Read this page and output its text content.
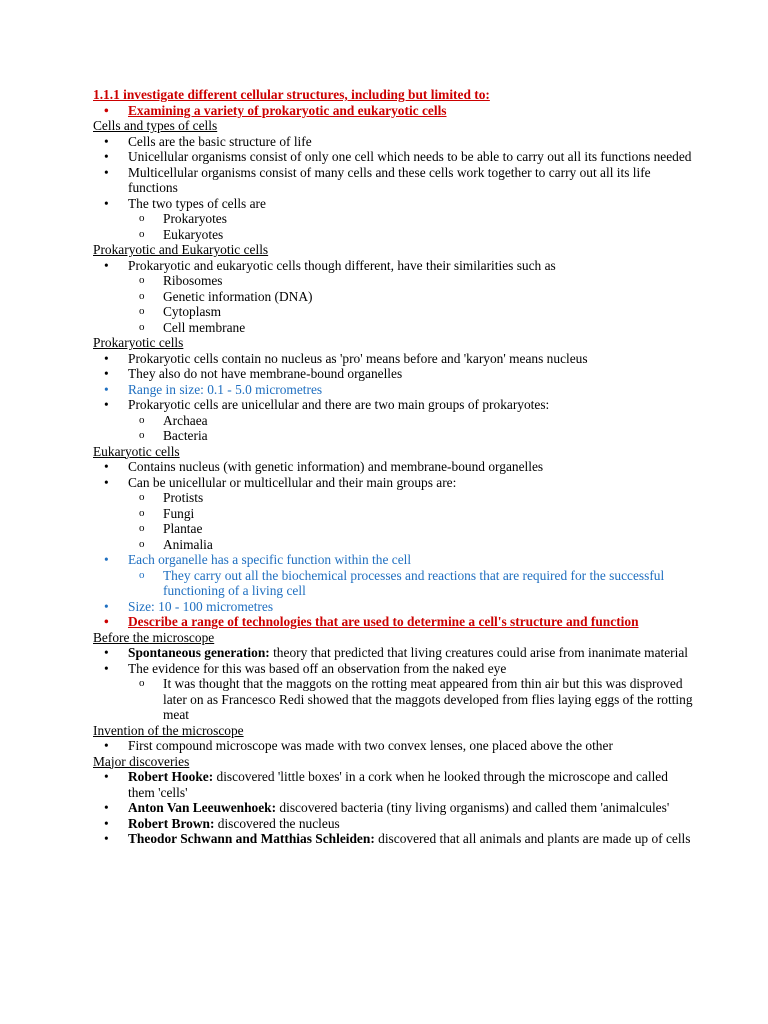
1.1.1 investigate different cellular structures, including but limited to:
• Examining a variety of prokaryotic and eukaryotic cells
Cells and types of cells
• Cells are the basic structure of life
• Unicellular organisms consist of only one cell which needs to be able to carry out all its functions needed
• Multicellular organisms consist of many cells and these cells work together to carry out all its life functions
• The two types of cells are
o Prokaryotes
o Eukaryotes
Prokaryotic and Eukaryotic cells
• Prokaryotic and eukaryotic cells though different, have their similarities such as
o Ribosomes
o Genetic information (DNA)
o Cytoplasm
o Cell membrane
Prokaryotic cells
• Prokaryotic cells contain no nucleus as 'pro' means before and 'karyon' means nucleus
• They also do not have membrane-bound organelles
• Range in size: 0.1 - 5.0 micrometres
• Prokaryotic cells are unicellular and there are two main groups of prokaryotes:
o Archaea
o Bacteria
Eukaryotic cells
• Contains nucleus (with genetic information) and membrane-bound organelles
• Can be unicellular or multicellular and their main groups are:
o Protists
o Fungi
o Plantae
o Animalia
• Each organelle has a specific function within the cell
o They carry out all the biochemical processes and reactions that are required for the successful functioning of a living cell
• Size: 10 - 100 micrometres
• Describe a range of technologies that are used to determine a cell's structure and function
Before the microscope
• Spontaneous generation: theory that predicted that living creatures could arise from inanimate material
• The evidence for this was based off an observation from the naked eye
o It was thought that the maggots on the rotting meat appeared from thin air but this was disproved later on as Francesco Redi showed that the maggots developed from flies laying eggs of the rotting meat
Invention of the microscope
• First compound microscope was made with two convex lenses, one placed above the other
Major discoveries
• Robert Hooke: discovered 'little boxes' in a cork when he looked through the microscope and called them 'cells'
• Anton Van Leeuwenhoek: discovered bacteria (tiny living organisms) and called them 'animalcules'
• Robert Brown: discovered the nucleus
• Theodor Schwann and Matthias Schleiden: discovered that all animals and plants are made up of cells
